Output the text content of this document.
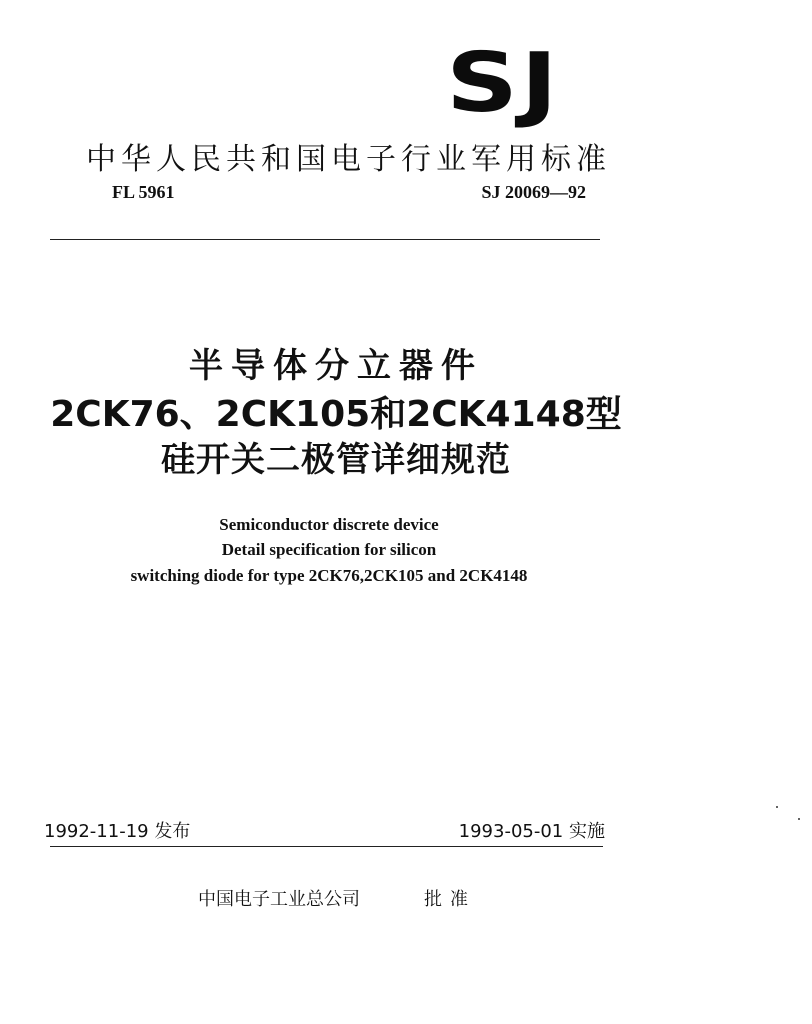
SJ
中华人民共和国电子行业军用标准
FL 5961	SJ 20069—92
半导体分立器件
2CK76、2CK105和2CK4148型
硅开关二极管详细规范
Semiconductor discrete device
Detail specification for silicon
switching diode for type 2CK76,2CK105 and 2CK4148
1992-11-19 发布	1993-05-01 实施
中国电子工业总公司	批准
